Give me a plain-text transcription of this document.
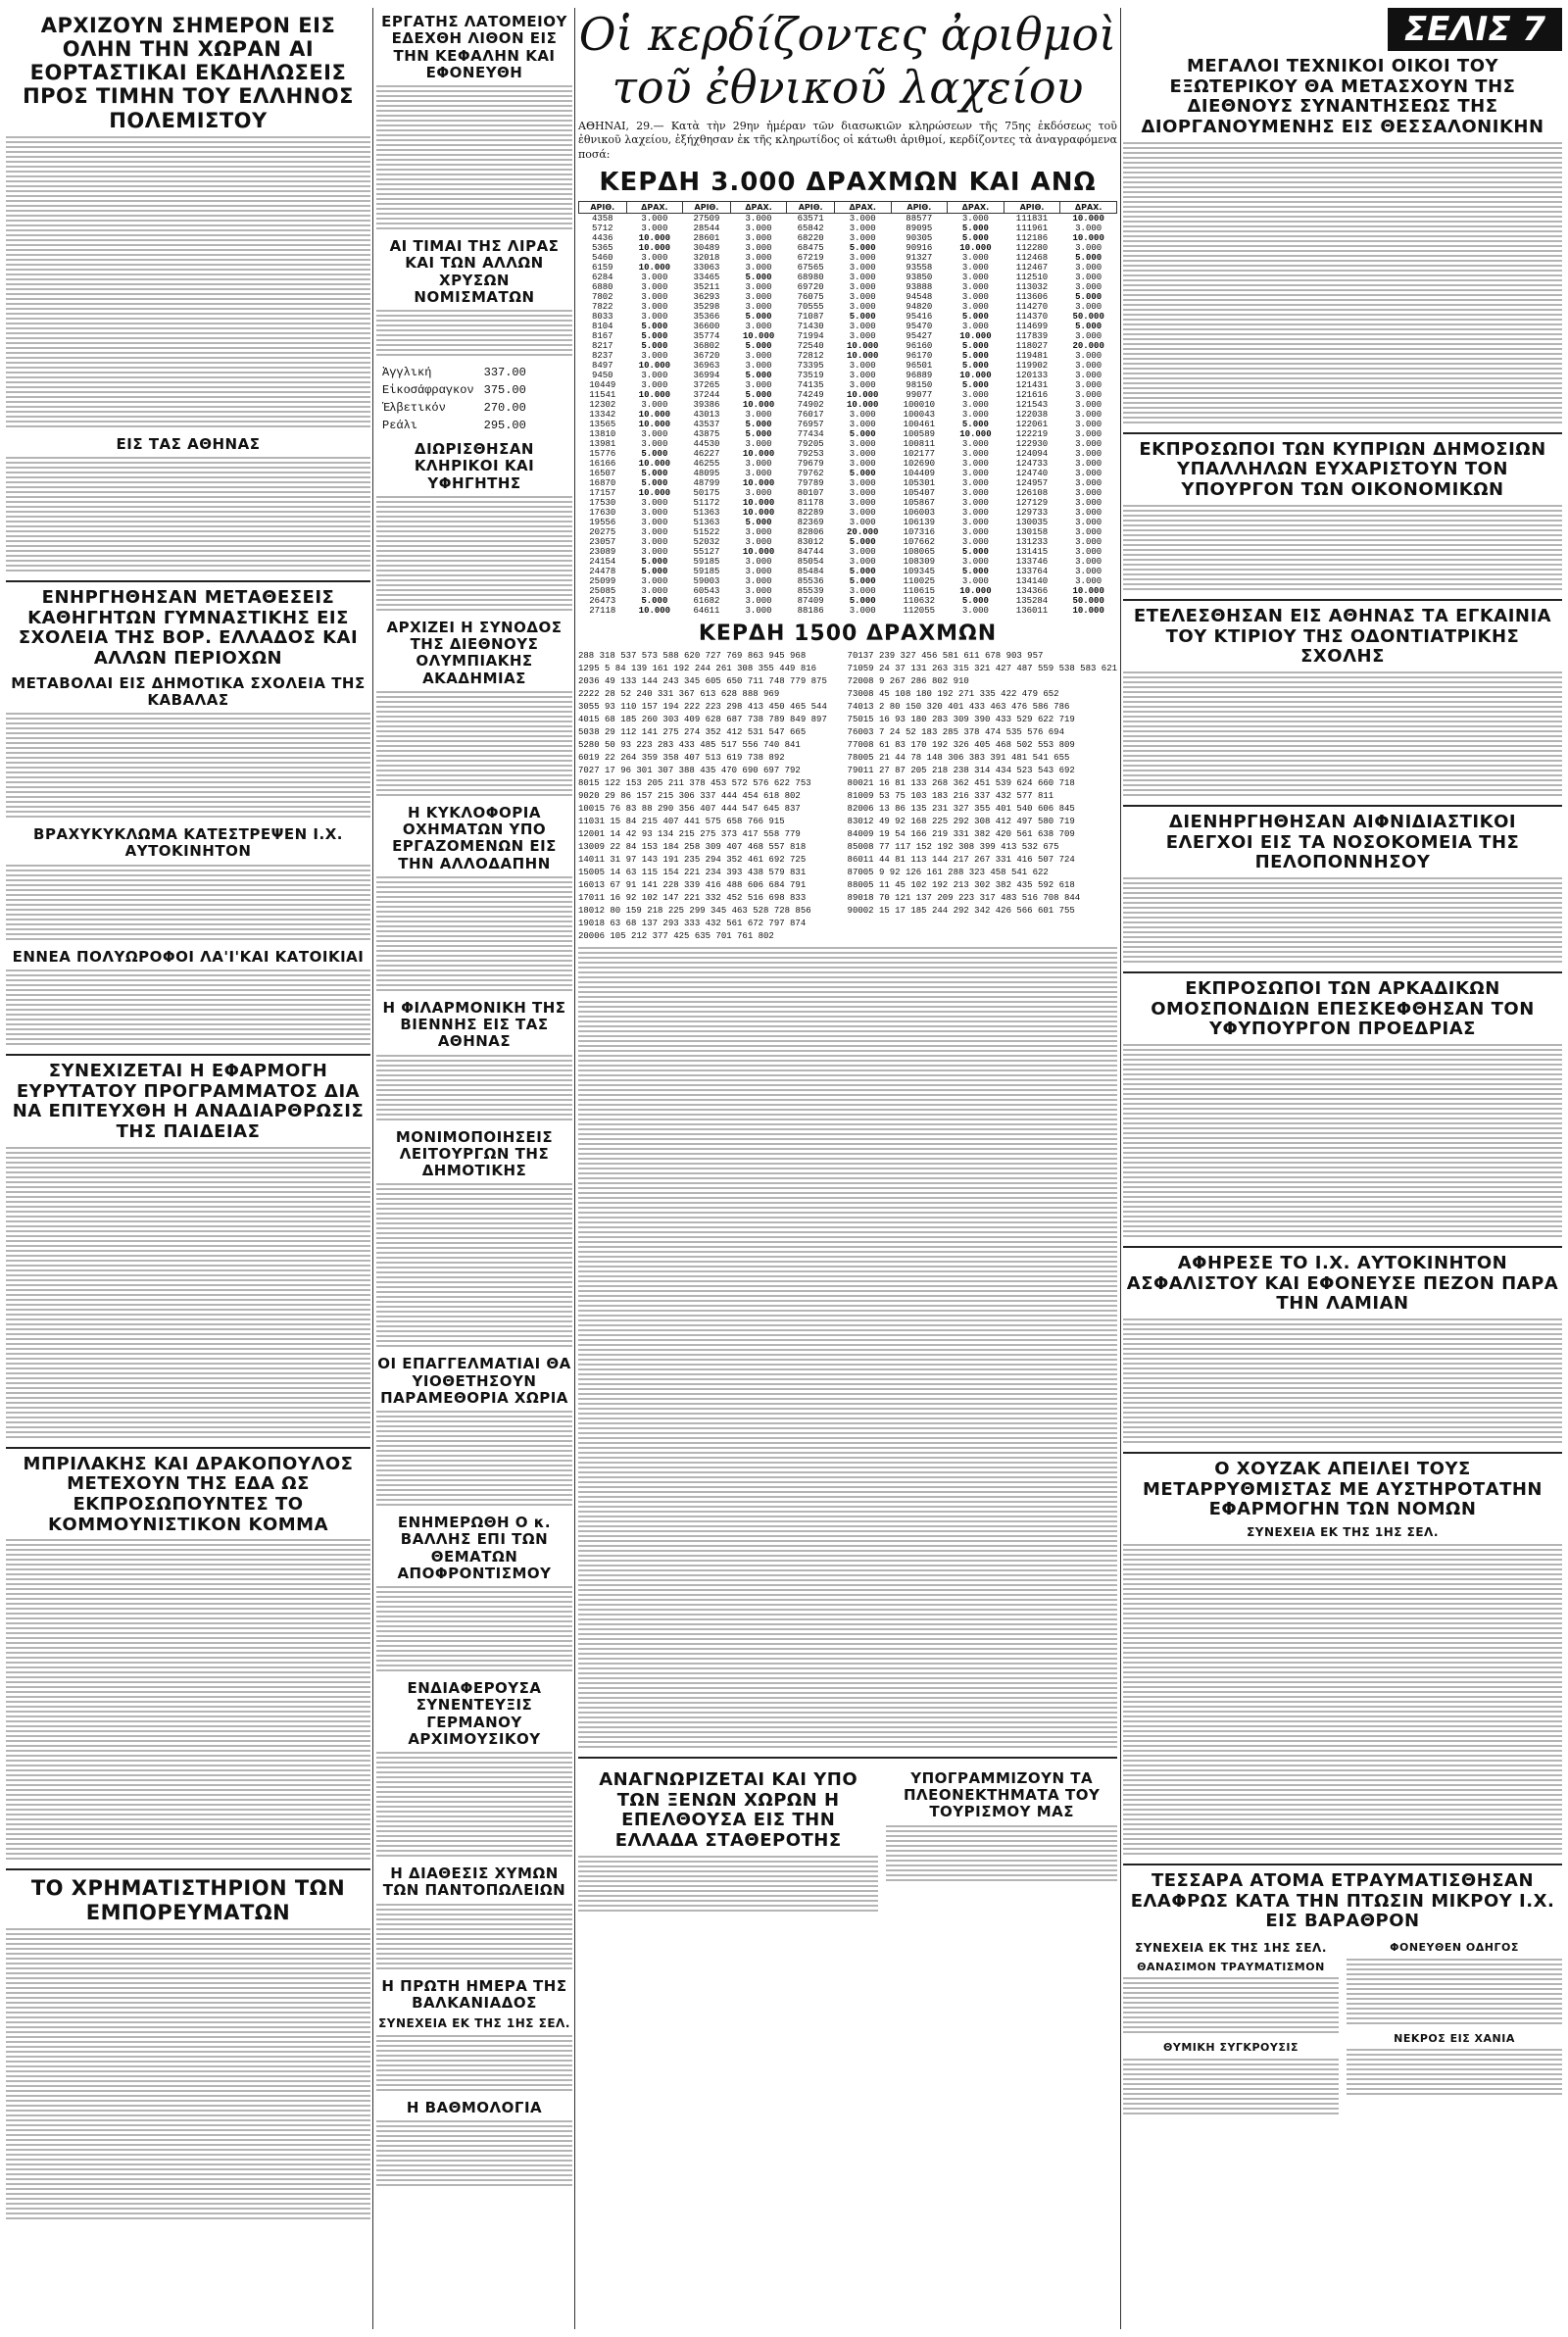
ΑΡΧΙΖΟΥΝ ΣΗΜΕΡΟΝ ΕΙΣ ΟΛΗΝ ΤΗΝ ΧΩΡΑΝ ΑΙ ΕΟΡΤΑΣΤΙΚΑΙ ΕΚΔΗΛΩΣΕΙΣ ΠΡΟΣ ΤΙΜΗΝ ΤΟΥ ΕΛΛΗΝΟΣ ΠΟΛΕΜΙΣΤΟΥ
ΕΙΣ ΤΑΣ ΑΘΗΝΑΣ
ΕΝΗΡΓΗΘΗΣΑΝ ΜΕΤΑΘΕΣΕΙΣ ΚΑΘΗΓΗΤΩΝ ΓΥΜΝΑΣΤΙΚΗΣ ΕΙΣ ΣΧΟΛΕΙΑ ΤΗΣ ΒΟΡ. ΕΛΛΑΔΟΣ ΚΑΙ ΑΛΛΩΝ ΠΕΡΙΟΧΩΝ
ΜΕΤΑΒΟΛΑΙ ΕΙΣ ΔΗΜΟΤΙΚΑ ΣΧΟΛΕΙΑ ΤΗΣ ΚΑΒΑΛΑΣ
ΒΡΑΧΥΚΥΚΛΩΜΑ ΚΑΤΕΣΤΡΕΨΕΝ Ι.Χ. ΑΥΤΟΚΙΝΗΤΟΝ
ΕΝΝΕΑ ΠΟΛΥΩΡΟΦΟΙ ΛΑ'Ι'ΚΑΙ ΚΑΤΟΙΚΙΑΙ
ΣΥΝΕΧΙΖΕΤΑΙ Η ΕΦΑΡΜΟΓΗ ΕΥΡΥΤΑΤΟΥ ΠΡΟΓΡΑΜΜΑΤΟΣ ΔΙΑ ΝΑ ΕΠΙΤΕΥΧΘΗ Η ΑΝΑΔΙΑΡΘΡΩΣΙΣ ΤΗΣ ΠΑΙΔΕΙΑΣ
ΜΠΡΙΛΑΚΗΣ ΚΑΙ ΔΡΑΚΟΠΟΥΛΟΣ ΜΕΤΕΧΟΥΝ ΤΗΣ ΕΔΑ ΩΣ ΕΚΠΡΟΣΩΠΟΥΝΤΕΣ ΤΟ ΚΟΜΜΟΥΝΙΣΤΙΚΟΝ ΚΟΜΜΑ
ΤΟ ΧΡΗΜΑΤΙΣΤΗΡΙΟΝ ΤΩΝ ΕΜΠΟΡΕΥΜΑΤΩΝ
ΕΡΓΑΤΗΣ ΛΑΤΟΜΕΙΟΥ ΕΔΕΧΘΗ ΛΙΘΟΝ ΕΙΣ ΤΗΝ ΚΕΦΑΛΗΝ ΚΑΙ ΕΦΟΝΕΥΘΗ
ΑΙ ΤΙΜΑΙ ΤΗΣ ΛΙΡΑΣ ΚΑΙ ΤΩΝ ΑΛΛΩΝ ΧΡΥΣΩΝ ΝΟΜΙΣΜΑΤΩΝ
Ἀγγλική	337.00
Εἰκοσάφραγκον	375.00
Ἑλβετικόν	270.00
Ρεάλι	295.00
ΔΙΩΡΙΣΘΗΣΑΝ ΚΛΗΡΙΚΟΙ ΚΑΙ ΥΦΗΓΗΤΗΣ
ΑΡΧΙΖΕΙ Η ΣΥΝΟΔΟΣ ΤΗΣ ΔΙΕΘΝΟΥΣ ΟΛΥΜΠΙΑΚΗΣ ΑΚΑΔΗΜΙΑΣ
Η ΚΥΚΛΟΦΟΡΙΑ ΟΧΗΜΑΤΩΝ ΥΠΟ ΕΡΓΑΖΟΜΕΝΩΝ ΕΙΣ ΤΗΝ ΑΛΛΟΔΑΠΗΝ
Η ΦΙΛΑΡΜΟΝΙΚΗ ΤΗΣ ΒΙΕΝΝΗΣ ΕΙΣ ΤΑΣ ΑΘΗΝΑΣ
ΜΟΝΙΜΟΠΟΙΗΣΕΙΣ ΛΕΙΤΟΥΡΓΩΝ ΤΗΣ ΔΗΜΟΤΙΚΗΣ
ΟΙ ΕΠΑΓΓΕΛΜΑΤΙΑΙ ΘΑ ΥΙΟΘΕΤΗΣΟΥΝ ΠΑΡΑΜΕΘΟΡΙΑ ΧΩΡΙΑ
ΕΝΗΜΕΡΩΘΗ Ο κ. ΒΑΛΛΗΣ ΕΠΙ ΤΩΝ ΘΕΜΑΤΩΝ ΑΠΟΦΡΟΝΤΙΣΜΟΥ
ΕΝΔΙΑΦΕΡΟΥΣΑ ΣΥΝΕΝΤΕΥΞΙΣ ΓΕΡΜΑΝΟΥ ΑΡΧΙΜΟΥΣΙΚΟΥ
Η ΔΙΑΘΕΣΙΣ ΧΥΜΩΝ ΤΩΝ ΠΑΝΤΟΠΩΛΕΙΩΝ
Η ΠΡΩΤΗ ΗΜΕΡΑ ΤΗΣ ΒΑΛΚΑΝΙΑΔΟΣ
ΣΥΝΕΧΕΙΑ ΕΚ ΤΗΣ 1ΗΣ ΣΕΛ.
Η ΒΑΘΜΟΛΟΓΙΑ
Οἱ κερδίζοντες ἀριθμοὶ τοῦ ἐθνικοῦ λαχείου
ΑΘΗΝΑΙ, 29.— Κατὰ τὴν 29ην ἡμέραν τῶν διασωκιῶν κληρώσεων τῆς 75ης ἐκδόσεως τοῦ ἐθνικοῦ λαχείου, ἐξήχθησαν ἐκ τῆς κληρωτίδος οἱ κάτωθι ἀριθμοί, κερδίζοντες τὰ ἀναγραφόμενα ποσά:
ΚΕΡΔΗ 3.000 ΔΡΑΧΜΩΝ ΚΑΙ ΑΝΩ
ΑΡΙΘ.	ΔΡΑΧ.	ΑΡΙΘ.	ΔΡΑΧ.	ΑΡΙΘ.	ΔΡΑΧ.	ΑΡΙΘ.	ΔΡΑΧ.	ΑΡΙΘ.	ΔΡΑΧ.
4358	3.000	27509	3.000	63571	3.000	88577	3.000	111831	10.000
5712	3.000	28544	3.000	65842	3.000	89095	5.000	111961	3.000
4436	10.000	28601	3.000	68220	3.000	90305	5.000	112186	10.000
5365	10.000	30489	3.000	68475	5.000	90916	10.000	112280	3.000
5460	3.000	32018	3.000	67219	3.000	91327	3.000	112468	5.000
6159	10.000	33063	3.000	67565	3.000	93558	3.000	112467	3.000
6284	3.000	33465	5.000	68980	3.000	93850	3.000	112510	3.000
6880	3.000	35211	3.000	69720	3.000	93888	3.000	113032	3.000
7802	3.000	36293	3.000	76075	3.000	94548	3.000	113606	5.000
7822	3.000	35298	3.000	70555	3.000	94820	3.000	114270	3.000
8033	3.000	35366	5.000	71087	5.000	95416	5.000	114370	50.000
8104	5.000	36600	3.000	71430	3.000	95470	3.000	114699	5.000
8167	5.000	35774	10.000	71994	3.000	95427	10.000	117839	3.000
8217	5.000	36802	5.000	72540	10.000	96160	5.000	118027	20.000
8237	3.000	36720	3.000	72812	10.000	96170	5.000	119481	3.000
8497	10.000	36963	3.000	73395	3.000	96501	5.000	119902	3.000
9450	3.000	36994	5.000	73519	3.000	96889	10.000	120133	3.000
10449	3.000	37265	3.000	74135	3.000	98150	5.000	121431	3.000
11541	10.000	37244	5.000	74249	10.000	99077	3.000	121616	3.000
12302	3.000	39386	10.000	74902	10.000	100010	3.000	121543	3.000
13342	10.000	43013	3.000	76017	3.000	100043	3.000	122038	3.000
13565	10.000	43537	5.000	76957	3.000	100461	5.000	122061	3.000
13810	3.000	43875	5.000	77434	5.000	100589	10.000	122219	3.000
13981	3.000	44530	3.000	79205	3.000	100811	3.000	122930	3.000
15776	5.000	46227	10.000	79253	3.000	102177	3.000	124094	3.000
16166	10.000	46255	3.000	79679	3.000	102690	3.000	124733	3.000
16507	5.000	48095	3.000	79762	5.000	104409	3.000	124740	3.000
16870	5.000	48799	10.000	79789	3.000	105301	3.000	124957	3.000
17157	10.000	50175	3.000	80107	3.000	105407	3.000	126108	3.000
17530	3.000	51172	10.000	81178	3.000	105867	3.000	127129	3.000
17630	3.000	51363	10.000	82289	3.000	106003	3.000	129733	3.000
19556	3.000	51363	5.000	82369	3.000	106139	3.000	130035	3.000
20275	3.000	51522	3.000	82806	20.000	107316	3.000	130158	3.000
23057	3.000	52032	3.000	83012	5.000	107662	3.000	131233	3.000
23089	3.000	55127	10.000	84744	3.000	108065	5.000	131415	3.000
24154	5.000	59185	3.000	85054	3.000	108309	3.000	133746	3.000
24478	5.000	59185	3.000	85484	5.000	109345	5.000	133764	3.000
25099	3.000	59003	3.000	85536	5.000	110025	3.000	134140	3.000
25085	3.000	60543	3.000	85539	3.000	110615	10.000	134366	10.000
26473	5.000	61682	3.000	87409	5.000	110632	5.000	135284	50.000
27118	10.000	64611	3.000	88186	3.000	112055	3.000	136011	10.000
ΚΕΡΔΗ 1500 ΔΡΑΧΜΩΝ
288 318 537 573 588 620 727 769 863 945 968
1295 5 84 139 161 192 244 261 308 355 449 816
2036 49 133 144 243 345 605 650 711 748 779 875
2222 28 52 240 331 367 613 628 888 969
3055 93 110 157 194 222 223 298 413 450 465 544
4015 68 185 260 303 409 628 687 738 789 849 897
5038 29 112 141 275 274 352 412 531 547 665
5280 50 93 223 283 433 485 517 556 740 841
6019 22 264 359 358 407 513 619 738 892
7027 17 96 301 307 388 435 470 690 697 792
8015 122 153 205 211 378 453 572 576 622 753
9020 29 86 157 215 306 337 444 454 618 802
10015 76 83 88 290 356 407 444 547 645 837
11031 15 84 215 407 441 575 658 766 915
12001 14 42 93 134 215 275 373 417 558 779
13009 22 84 153 184 258 309 407 468 557 818
14011 31 97 143 191 235 294 352 461 692 725
15005 14 63 115 154 221 234 393 438 579 831
16013 67 91 141 228 339 416 488 606 684 791
17011 16 92 102 147 221 332 452 516 698 833
18012 80 159 218 225 299 345 463 528 728 856
19018 63 68 137 293 333 432 561 672 797 874
20006 105 212 377 425 635 701 761 802
70137 239 327 456 581 611 678 903 957
71059 24 37 131 263 315 321 427 487 559 538 583 621
72008 9 267 286 802 910
73008 45 108 180 192 271 335 422 479 652
74013 2 80 150 320 401 433 463 476 586 786
75015 16 93 180 283 309 390 433 529 622 719
76003 7 24 52 183 285 378 474 535 576 694
77008 61 83 170 192 326 405 468 502 553 809
78005 21 44 78 148 306 383 391 481 541 655
79011 27 87 205 218 238 314 434 523 543 692
80021 16 81 133 268 362 451 539 624 660 718
81009 53 75 103 183 216 337 432 577 811
82006 13 86 135 231 327 355 401 540 606 845
83012 49 92 168 225 292 308 412 497 580 719
84009 19 54 166 219 331 382 420 561 638 709
85008 77 117 152 192 308 399 413 532 675
86011 44 81 113 144 217 267 331 416 507 724
87005 9 92 126 161 288 323 458 541 622
88005 11 45 102 192 213 302 382 435 592 618
89018 70 121 137 209 223 317 483 516 708 844
90002 15 17 185 244 292 342 426 566 601 755
ΑΝΑΓΝΩΡΙΖΕΤΑΙ ΚΑΙ ΥΠΟ ΤΩΝ ΞΕΝΩΝ ΧΩΡΩΝ Η ΕΠΕΛΘΟΥΣΑ ΕΙΣ ΤΗΝ ΕΛΛΑΔΑ ΣΤΑΘΕΡΟΤΗΣ
ΥΠΟΓΡΑΜΜΙΖΟΥΝ ΤΑ ΠΛΕΟΝΕΚΤΗΜΑΤΑ ΤΟΥ ΤΟΥΡΙΣΜΟΥ ΜΑΣ
ΣΕΛΙΣ 7
ΜΕΓΑΛΟΙ ΤΕΧΝΙΚΟΙ ΟΙΚΟΙ ΤΟΥ ΕΞΩΤΕΡΙΚΟΥ ΘΑ ΜΕΤΑΣΧΟΥΝ ΤΗΣ ΔΙΕΘΝΟΥΣ ΣΥΝΑΝΤΗΣΕΩΣ ΤΗΣ ΔΙΟΡΓΑΝΟΥΜΕΝΗΣ ΕΙΣ ΘΕΣΣΑΛΟΝΙΚΗΝ
ΕΚΠΡΟΣΩΠΟΙ ΤΩΝ ΚΥΠΡΙΩΝ ΔΗΜΟΣΙΩΝ ΥΠΑΛΛΗΛΩΝ ΕΥΧΑΡΙΣΤΟΥΝ ΤΟΝ ΥΠΟΥΡΓΟΝ ΤΩΝ ΟΙΚΟΝΟΜΙΚΩΝ
ΕΤΕΛΕΣΘΗΣΑΝ ΕΙΣ ΑΘΗΝΑΣ ΤΑ ΕΓΚΑΙΝΙΑ ΤΟΥ ΚΤΙΡΙΟΥ ΤΗΣ ΟΔΟΝΤΙΑΤΡΙΚΗΣ ΣΧΟΛΗΣ
ΔΙΕΝΗΡΓΗΘΗΣΑΝ ΑΙΦΝΙΔΙΑΣΤΙΚΟΙ ΕΛΕΓΧΟΙ ΕΙΣ ΤΑ ΝΟΣΟΚΟΜΕΙΑ ΤΗΣ ΠΕΛΟΠΟΝΝΗΣΟΥ
ΕΚΠΡΟΣΩΠΟΙ ΤΩΝ ΑΡΚΑΔΙΚΩΝ ΟΜΟΣΠΟΝΔΙΩΝ ΕΠΕΣΚΕΦΘΗΣΑΝ ΤΟΝ ΥΦΥΠΟΥΡΓΟΝ ΠΡΟΕΔΡΙΑΣ
ΑΦΗΡΕΣΕ ΤΟ Ι.Χ. ΑΥΤΟΚΙΝΗΤΟΝ ΑΣΦΑΛΙΣΤΟΥ ΚΑΙ ΕΦΟΝΕΥΣΕ ΠΕΖΟΝ ΠΑΡΑ ΤΗΝ ΛΑΜΙΑΝ
Ο ΧΟΥΖΑΚ ΑΠΕΙΛΕΙ ΤΟΥΣ ΜΕΤΑΡΡΥΘΜΙΣΤΑΣ ΜΕ ΑΥΣΤΗΡΟΤΑΤΗΝ ΕΦΑΡΜΟΓΗΝ ΤΩΝ ΝΟΜΩΝ
ΣΥΝΕΧΕΙΑ ΕΚ ΤΗΣ 1ΗΣ ΣΕΛ.
ΤΕΣΣΑΡΑ ΑΤΟΜΑ ΕΤΡΑΥΜΑΤΙΣΘΗΣΑΝ ΕΛΑΦΡΩΣ ΚΑΤΑ ΤΗΝ ΠΤΩΣΙΝ ΜΙΚΡΟΥ Ι.Χ. ΕΙΣ ΒΑΡΑΘΡΟΝ
ΣΥΝΕΧΕΙΑ ΕΚ ΤΗΣ 1ΗΣ ΣΕΛ.
ΘΑΝΑΣΙΜΟΝ ΤΡΑΥΜΑΤΙΣΜΟΝ
ΘΥΜΙΚΗ ΣΥΓΚΡΟΥΣΙΣ
ΦΟΝΕΥΘΕΝ ΟΔΗΓΟΣ
ΝΕΚΡΟΣ ΕΙΣ ΧΑΝΙΑ
